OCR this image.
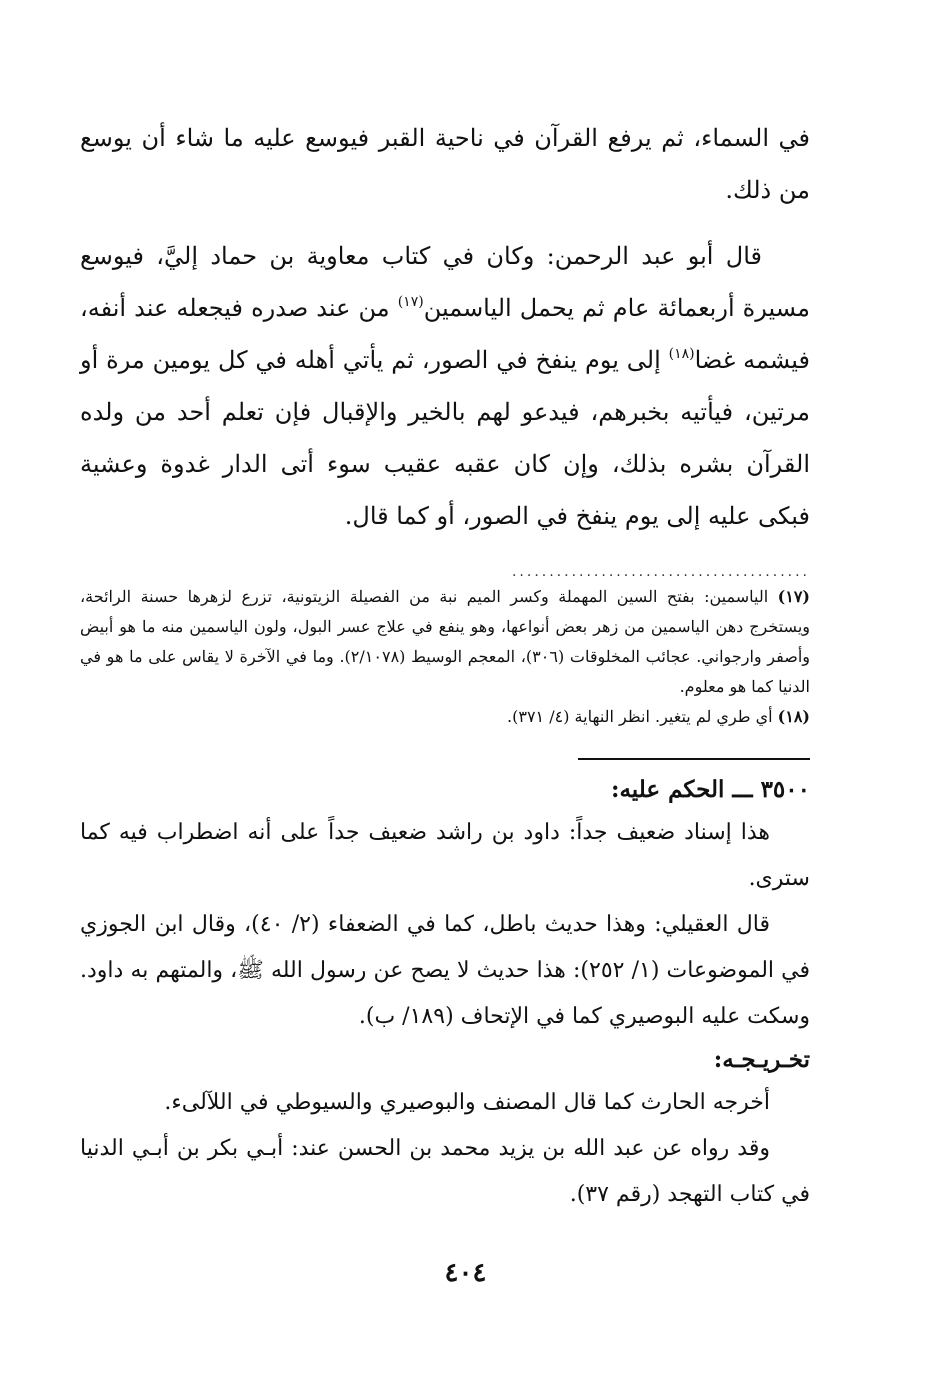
في السماء، ثم يرفع القرآن في ناحية القبر فيوسع عليه ما شاء أن يوسع من ذلك.

قال أبو عبد الرحمن: وكان في كتاب معاوية بن حماد إليَّ، فيوسع مسيرة أربعمائة عام ثم يحمل الياسمين$^{(١٧)}$ من عند صدره فيجعله عند أنفه، فيشمه غضا$^{(١٨)}$ إلى يوم ينفخ في الصور، ثم يأتي أهله في كل يومين مرة أو مرتين، فيأتيه بخبرهم، فيدعو لهم بالخير والإقبال فإن تعلم أحد من ولده القرآن بشره بذلك، وإن كان عقبه عقيب سوء أتى الدار غدوة وعشية فبكى عليه إلى يوم ينفخ في الصور، أو كما قال.

........................................

(١٧) الياسمين: بفتح السين المهملة وكسر الميم نبة من الفصيلة الزيتونية، تزرع لزهرها حسنة الرائحة، ويستخرج دهن الياسمين من زهر بعض أنواعها، وهو ينفع في علاج عسر البول، ولون الياسمين منه ما هو أبيض وأصفر وارجواني. عجائب المخلوقات (٣٠٦)، المعجم الوسيط (٢/١٠٧٨). وما في الآخرة لا يقاس على ما هو في الدنيا كما هو معلوم.

(١٨) أي طري لم يتغير. انظر النهاية (٤/ ٣٧١).

٣٥٠٠ ـــ الحكم عليه:

هذا إسناد ضعيف جداً: داود بن راشد ضعيف جداً على أنه اضطراب فيه كما سترى.

قال العقيلي: وهذا حديث باطل، كما في الضعفاء (٢/ ٤٠)، وقال ابن الجوزي في الموضوعات (١/ ٢٥٢): هذا حديث لا يصح عن رسول الله ﷺ، والمتهم به داود. وسكت عليه البوصيري كما في الإتحاف (١٨٩/ ب).

تخـريـجـه:

أخرجه الحارث كما قال المصنف والبوصيري والسيوطي في اللآلىء.

وقد رواه عن عبد الله بن يزيد محمد بن الحسن عند: أبـي بكر بن أبـي الدنيا في كتاب التهجد (رقم ٣٧).

٤٠٤
